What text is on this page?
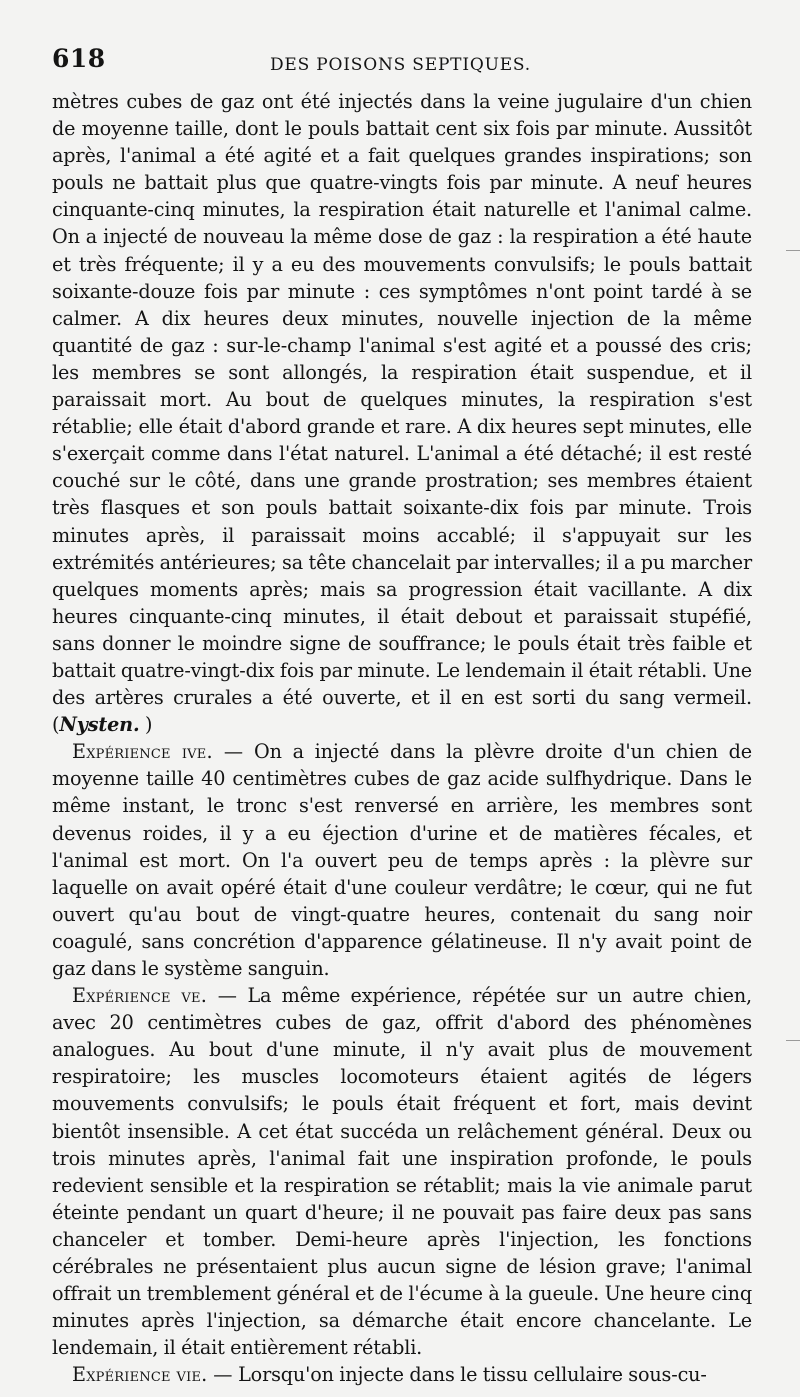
618	DES POISONS SEPTIQUES.

mètres cubes de gaz ont été injectés dans la veine jugulaire d'un chien de moyenne taille, dont le pouls battait cent six fois par minute. Aussitôt après, l'animal a été agité et a fait quelques grandes inspirations; son pouls ne battait plus que quatre-vingts fois par minute. A neuf heures cinquante-cinq minutes, la respiration était naturelle et l'animal calme. On a injecté de nouveau la même dose de gaz : la respiration a été haute et très fréquente; il y a eu des mouvements convulsifs; le pouls battait soixante-douze fois par minute : ces symptômes n'ont point tardé à se calmer. A dix heures deux minutes, nouvelle injection de la même quantité de gaz : sur-le-champ l'animal s'est agité et a poussé des cris; les membres se sont allongés, la respiration était suspendue, et il paraissait mort. Au bout de quelques minutes, la respiration s'est rétablie; elle était d'abord grande et rare. A dix heures sept minutes, elle s'exerçait comme dans l'état naturel. L'animal a été détaché; il est resté couché sur le côté, dans une grande prostration; ses membres étaient très flasques et son pouls battait soixante-dix fois par minute. Trois minutes après, il paraissait moins accablé; il s'appuyait sur les extrémités antérieures; sa tête chancelait par intervalles; il a pu marcher quelques moments après; mais sa progression était vacillante. A dix heures cinquante-cinq minutes, il était debout et paraissait stupéfié, sans donner le moindre signe de souffrance; le pouls était très faible et battait quatre-vingt-dix fois par minute. Le lendemain il était rétabli. Une des artères crurales a été ouverte, et il en est sorti du sang vermeil. (Nysten. )

Expérience ive. — On a injecté dans la plèvre droite d'un chien de moyenne taille 40 centimètres cubes de gaz acide sulfhydrique. Dans le même instant, le tronc s'est renversé en arrière, les membres sont devenus roides, il y a eu éjection d'urine et de matières fécales, et l'animal est mort. On l'a ouvert peu de temps après : la plèvre sur laquelle on avait opéré était d'une couleur verdâtre; le cœur, qui ne fut ouvert qu'au bout de vingt-quatre heures, contenait du sang noir coagulé, sans concrétion d'apparence gélatineuse. Il n'y avait point de gaz dans le système sanguin.

Expérience ve. — La même expérience, répétée sur un autre chien, avec 20 centimètres cubes de gaz, offrit d'abord des phénomènes analogues. Au bout d'une minute, il n'y avait plus de mouvement respiratoire; les muscles locomoteurs étaient agités de légers mouvements convulsifs; le pouls était fréquent et fort, mais devint bientôt insensible. A cet état succéda un relâchement général. Deux ou trois minutes après, l'animal fait une inspiration profonde, le pouls redevient sensible et la respiration se rétablit; mais la vie animale parut éteinte pendant un quart d'heure; il ne pouvait pas faire deux pas sans chanceler et tomber. Demi-heure après l'injection, les fonctions cérébrales ne présentaient plus aucun signe de lésion grave; l'animal offrait un tremblement général et de l'écume à la gueule. Une heure cinq minutes après l'injection, sa démarche était encore chancelante. Le lendemain, il était entièrement rétabli.

Expérience vie. — Lorsqu'on injecte dans le tissu cellulaire sous-cu-
